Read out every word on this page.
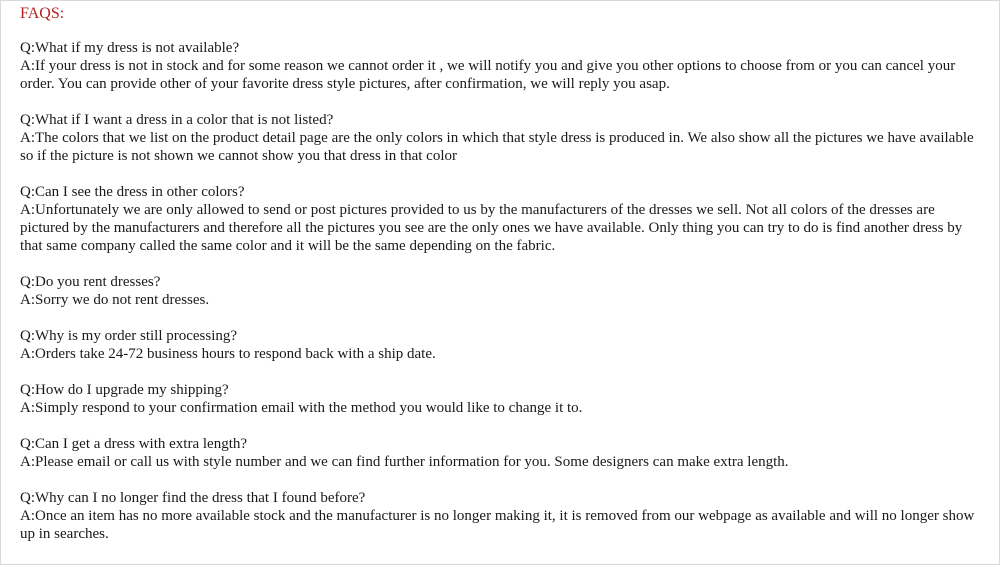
FAQS:
Q:What if my dress is not available?
A:If your dress is not in stock and for some reason we cannot order it , we will notify you and give you other options to choose from or you can cancel your order. You can provide other of your favorite dress style pictures, after confirmation, we will reply you asap.
Q:What if I want a dress in a color that is not listed?
A:The colors that we list on the product detail page are the only colors in which that style dress is produced in. We also show all the pictures we have available so if the picture is not shown we cannot show you that dress in that color
Q:Can I see the dress in other colors?
A:Unfortunately we are only allowed to send or post pictures provided to us by the manufacturers of the dresses we sell. Not all colors of the dresses are pictured by the manufacturers and therefore all the pictures you see are the only ones we have available. Only thing you can try to do is find another dress by that same company called the same color and it will be the same depending on the fabric.
Q:Do you rent dresses?
A:Sorry we do not rent dresses.
Q:Why is my order still processing?
A:Orders take 24-72 business hours to respond back with a ship date.
Q:How do I upgrade my shipping?
A:Simply respond to your confirmation email with the method you would like to change it to.
Q:Can I get a dress with extra length?
A:Please email or call us with style number and we can find further information for you. Some designers can make extra length.
Q:Why can I no longer find the dress that I found before?
A:Once an item has no more available stock and the manufacturer is no longer making it, it is removed from our webpage as available and will no longer show up in searches.
